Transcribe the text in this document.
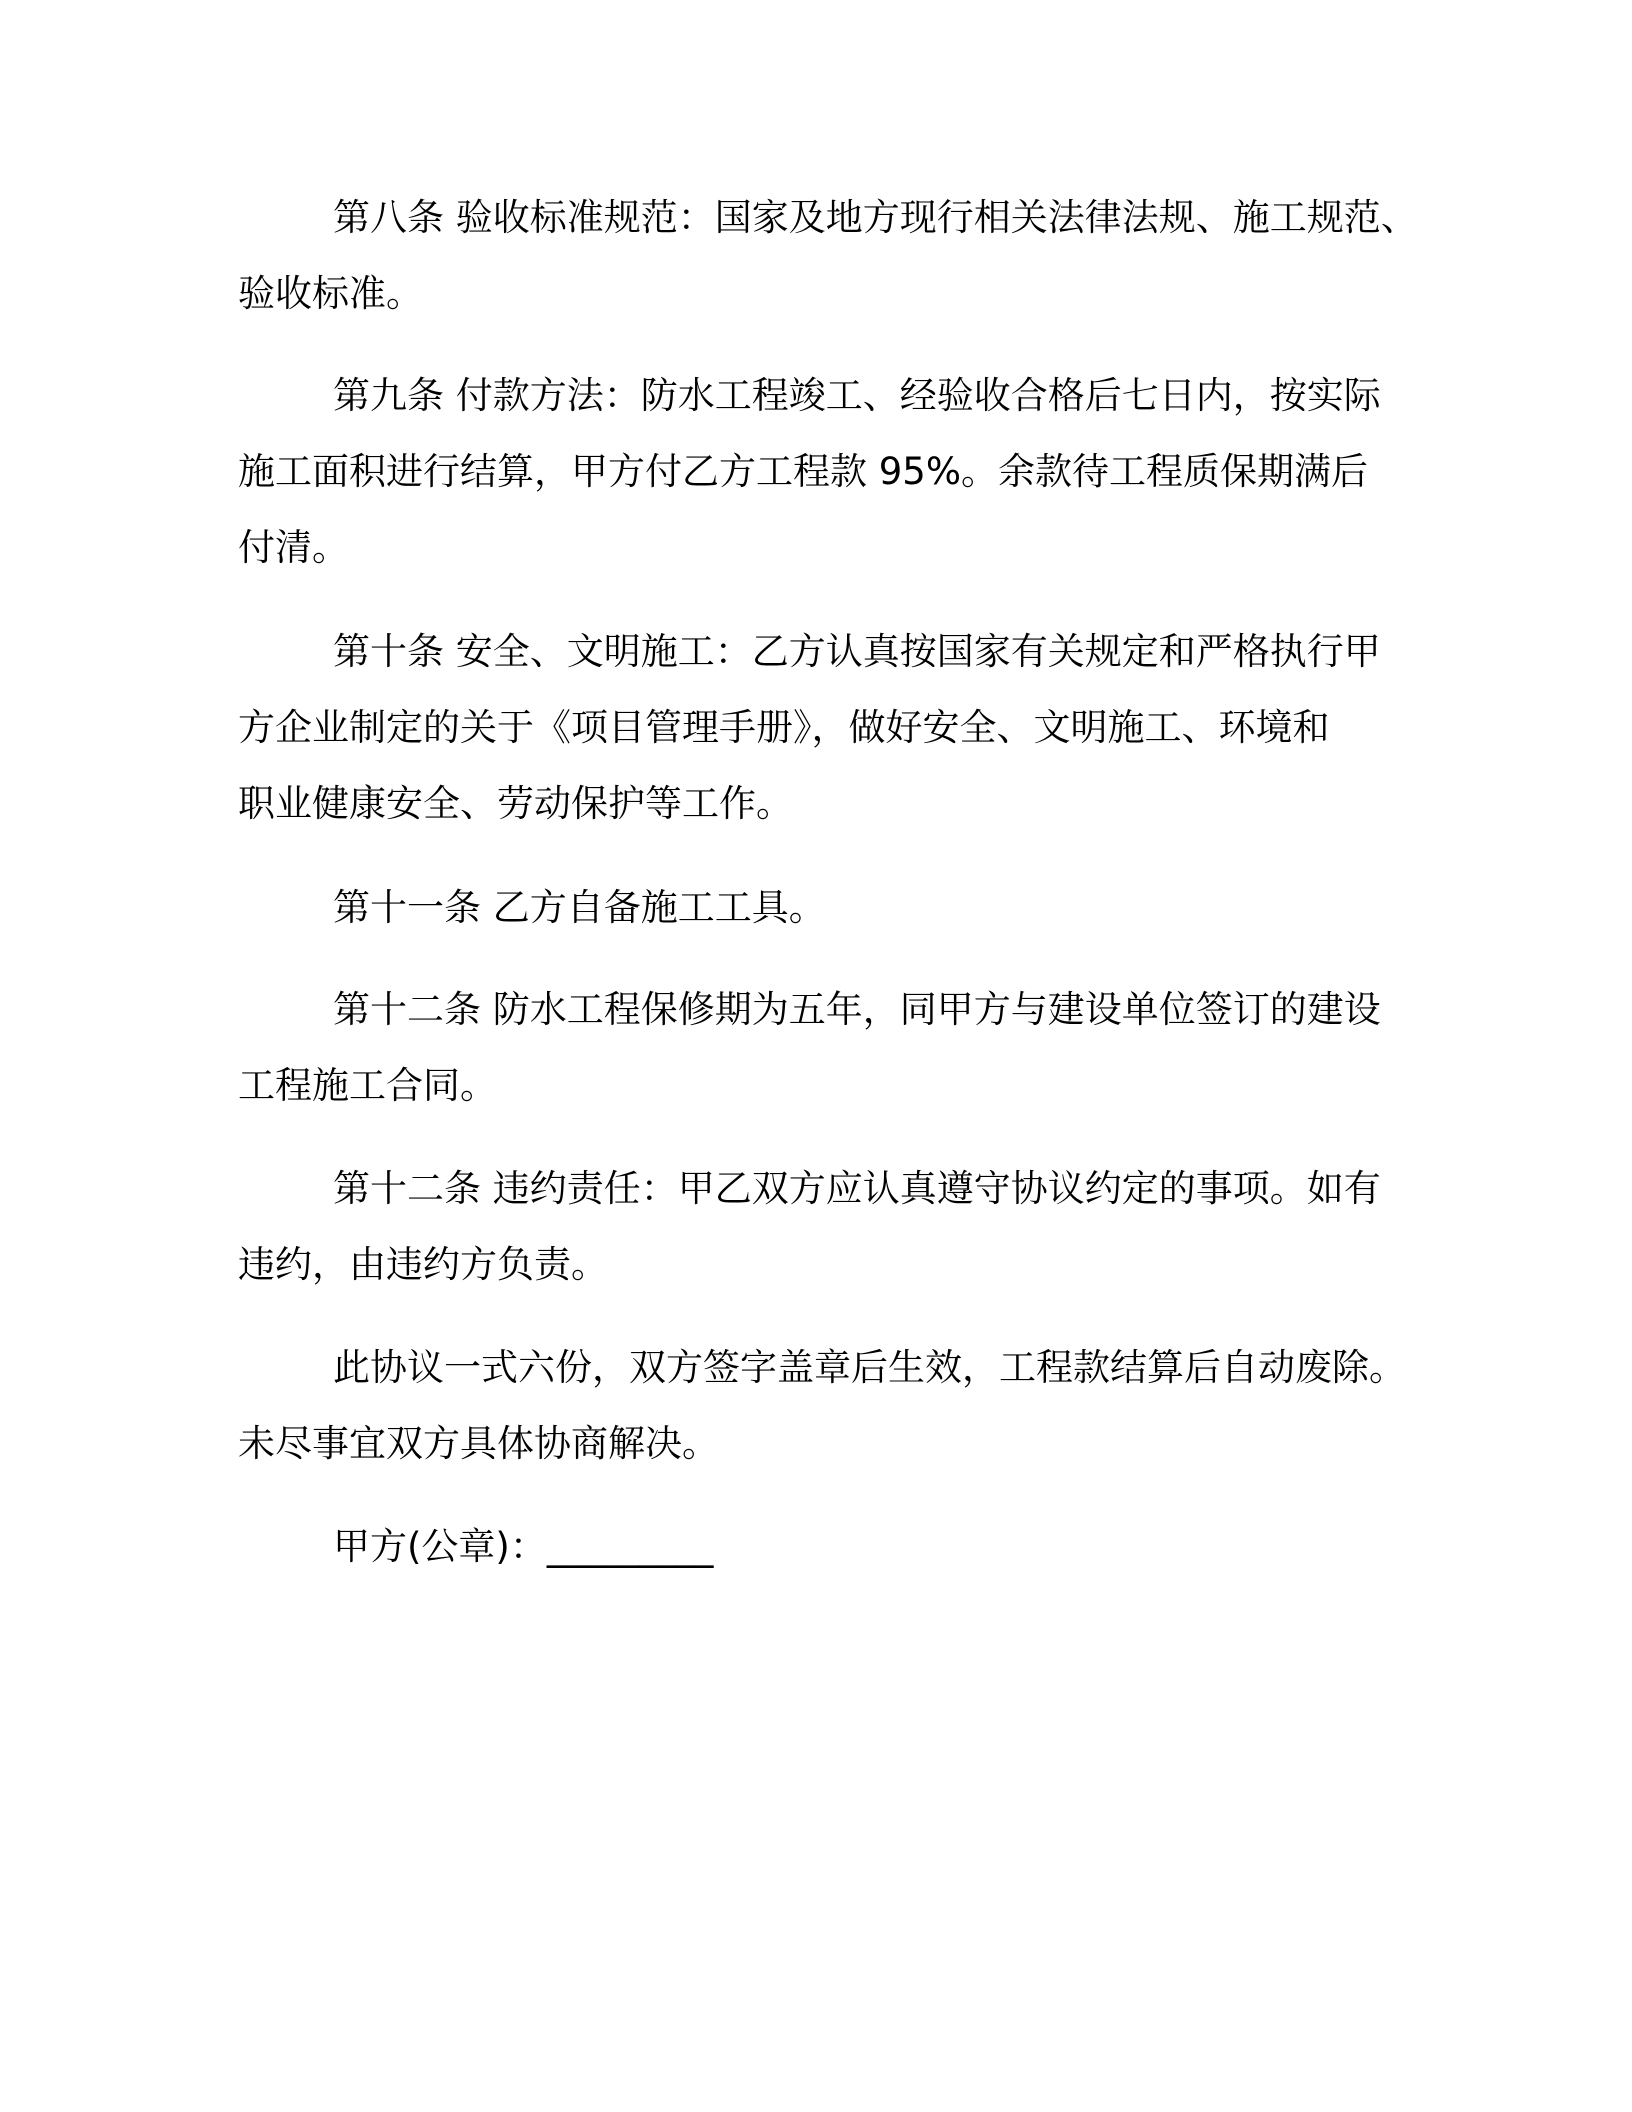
第八条 验收标准规范：国家及地方现行相关法律法规、施工规范、
验收标准。
第九条 付款方法：防水工程竣工、经验收合格后七日内，按实际
施工面积进行结算，甲方付乙方工程款 95%。余款待工程质保期满后
付清。
第十条 安全、文明施工：乙方认真按国家有关规定和严格执行甲
方企业制定的关于《项目管理手册》，做好安全、文明施工、环境和
职业健康安全、劳动保护等工作。
第十一条 乙方自备施工工具。
第十二条 防水工程保修期为五年，同甲方与建设单位签订的建设
工程施工合同。
第十二条 违约责任：甲乙双方应认真遵守协议约定的事项。如有
违约，由违约方负责。
此协议一式六份，双方签字盖章后生效，工程款结算后自动废除。
未尽事宜双方具体协商解决。
甲方(公章)：_________
